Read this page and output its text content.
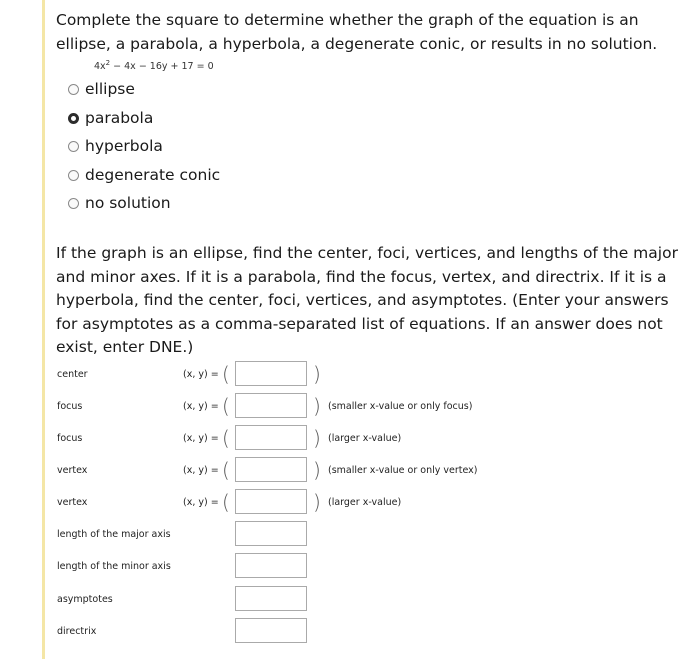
Complete the square to determine whether the graph of the equation is an ellipse, a parabola, a hyperbola, a degenerate conic, or results in no solution.
$4x^2 - 4x - 16y + 17 = 0$
ellipse
parabola
hyperbola
degenerate conic
no solution
If the graph is an ellipse, find the center, foci, vertices, and lengths of the major and minor axes. If it is a parabola, find the focus, vertex, and directrix. If it is a hyperbola, find the center, foci, vertices, and asymptotes. (Enter your answers for asymptotes as a comma-separated list of equations. If an answer does not exist, enter DNE.)
center	(x, y) = (	)
focus	(x, y) = (	) (smaller x-value or only focus)
focus	(x, y) = (	) (larger x-value)
vertex	(x, y) = (	) (smaller x-value or only vertex)
vertex	(x, y) = (	) (larger x-value)
length of the major axis
length of the minor axis
asymptotes
directrix
